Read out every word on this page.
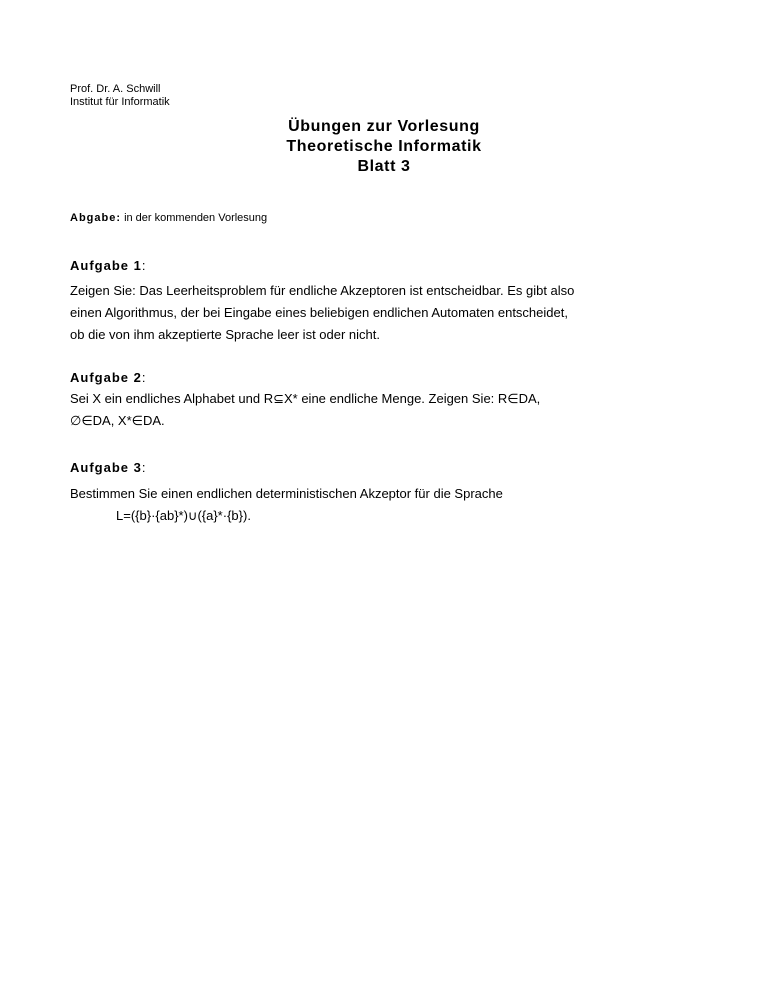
Prof. Dr. A. Schwill
Institut für Informatik
Übungen zur Vorlesung
Theoretische Informatik
Blatt 3
Abgabe: in der kommenden Vorlesung
Aufgabe 1:
Zeigen Sie: Das Leerheitsproblem für endliche Akzeptoren ist entscheidbar. Es gibt also
einen Algorithmus, der bei Eingabe eines beliebigen endlichen Automaten entscheidet,
ob die von ihm akzeptierte Sprache leer ist oder nicht.
Aufgabe 2:
Sei X ein endliches Alphabet und R⊆X* eine endliche Menge. Zeigen Sie: R∈DA,
∅∈DA, X*∈DA.
Aufgabe 3:
Bestimmen Sie einen endlichen deterministischen Akzeptor für die Sprache
L=({b}·{ab}*)∪({a}*·{b}).
